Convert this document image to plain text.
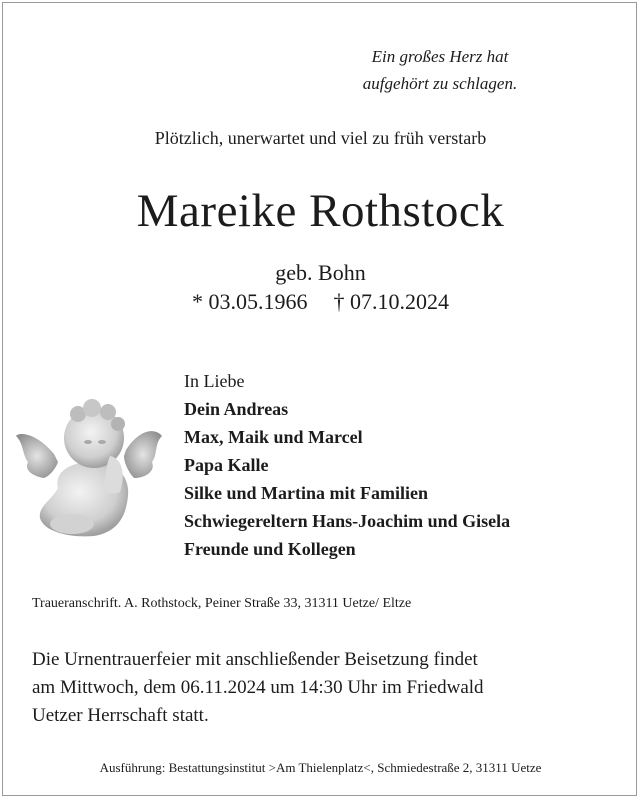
Ein großes Herz hat
aufgehört zu schlagen.
Plötzlich, unerwartet und viel zu früh verstarb
Mareike Rothstock
geb. Bohn
* 03.05.1966 † 07.10.2024
In Liebe
Dein Andreas
Max, Maik und Marcel
Papa Kalle
Silke und Martina mit Familien
Schwiegereltern Hans-Joachim und Gisela
Freunde und Kollegen
Traueranschrift. A. Rothstock, Peiner Straße 33, 31311 Uetze/ Eltze
Die Urnentrauerfeier mit anschließender Beisetzung findet
am Mittwoch, dem 06.11.2024 um 14:30 Uhr im Friedwald
Uetzer Herrschaft statt.
Ausführung: Bestattungsinstitut >Am Thielenplatz<, Schmiedestraße 2, 31311 Uetze
